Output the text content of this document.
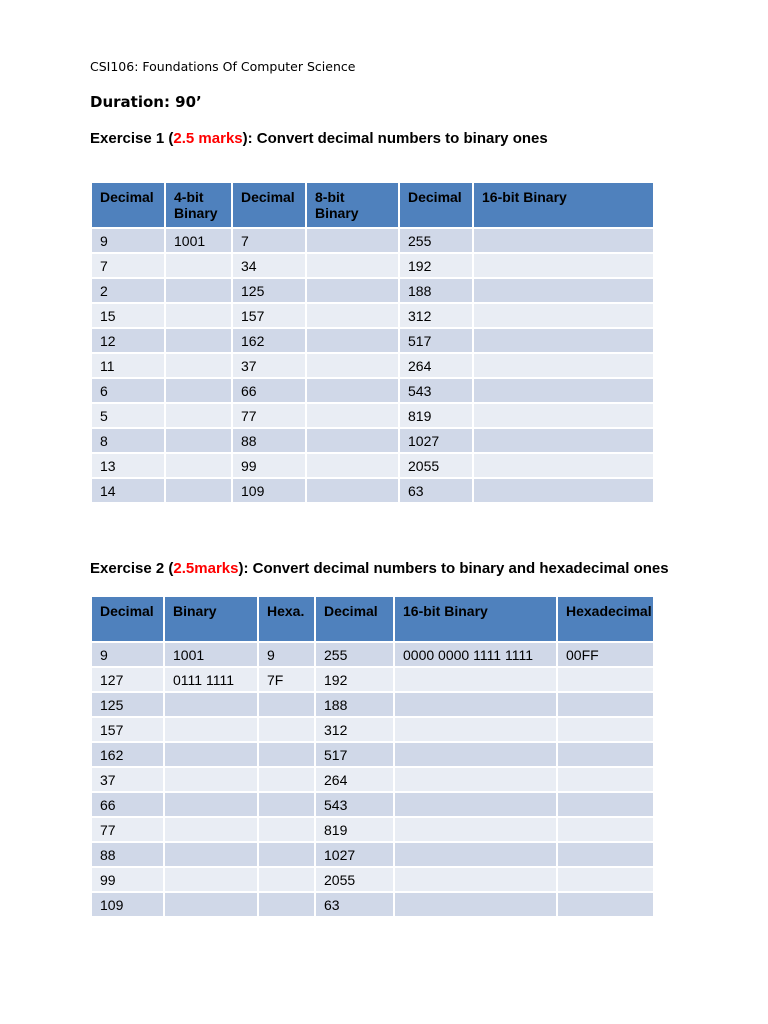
CSI106: Foundations Of Computer Science
Duration: 90’
Exercise 1 (2.5 marks): Convert decimal numbers to binary ones
Decimal	4-bit Binary	Decimal	8-bit Binary	Decimal	16-bit Binary
9	1001	7		255	
7		34		192	
2		125		188	
15		157		312	
12		162		517	
11		37		264	
6		66		543	
5		77		819	
8		88		1027	
13		99		2055	
14		109		63	
Exercise 2 (2.5marks): Convert decimal numbers to binary and hexadecimal ones
Decimal	Binary	Hexa.	Decimal	16-bit Binary	Hexadecimal
9	1001	9	255	0000 0000 1111 1111	00FF
127	0111 1111	7F	192		
125			188		
157			312		
162			517		
37			264		
66			543		
77			819		
88			1027		
99			2055		
109			63		
